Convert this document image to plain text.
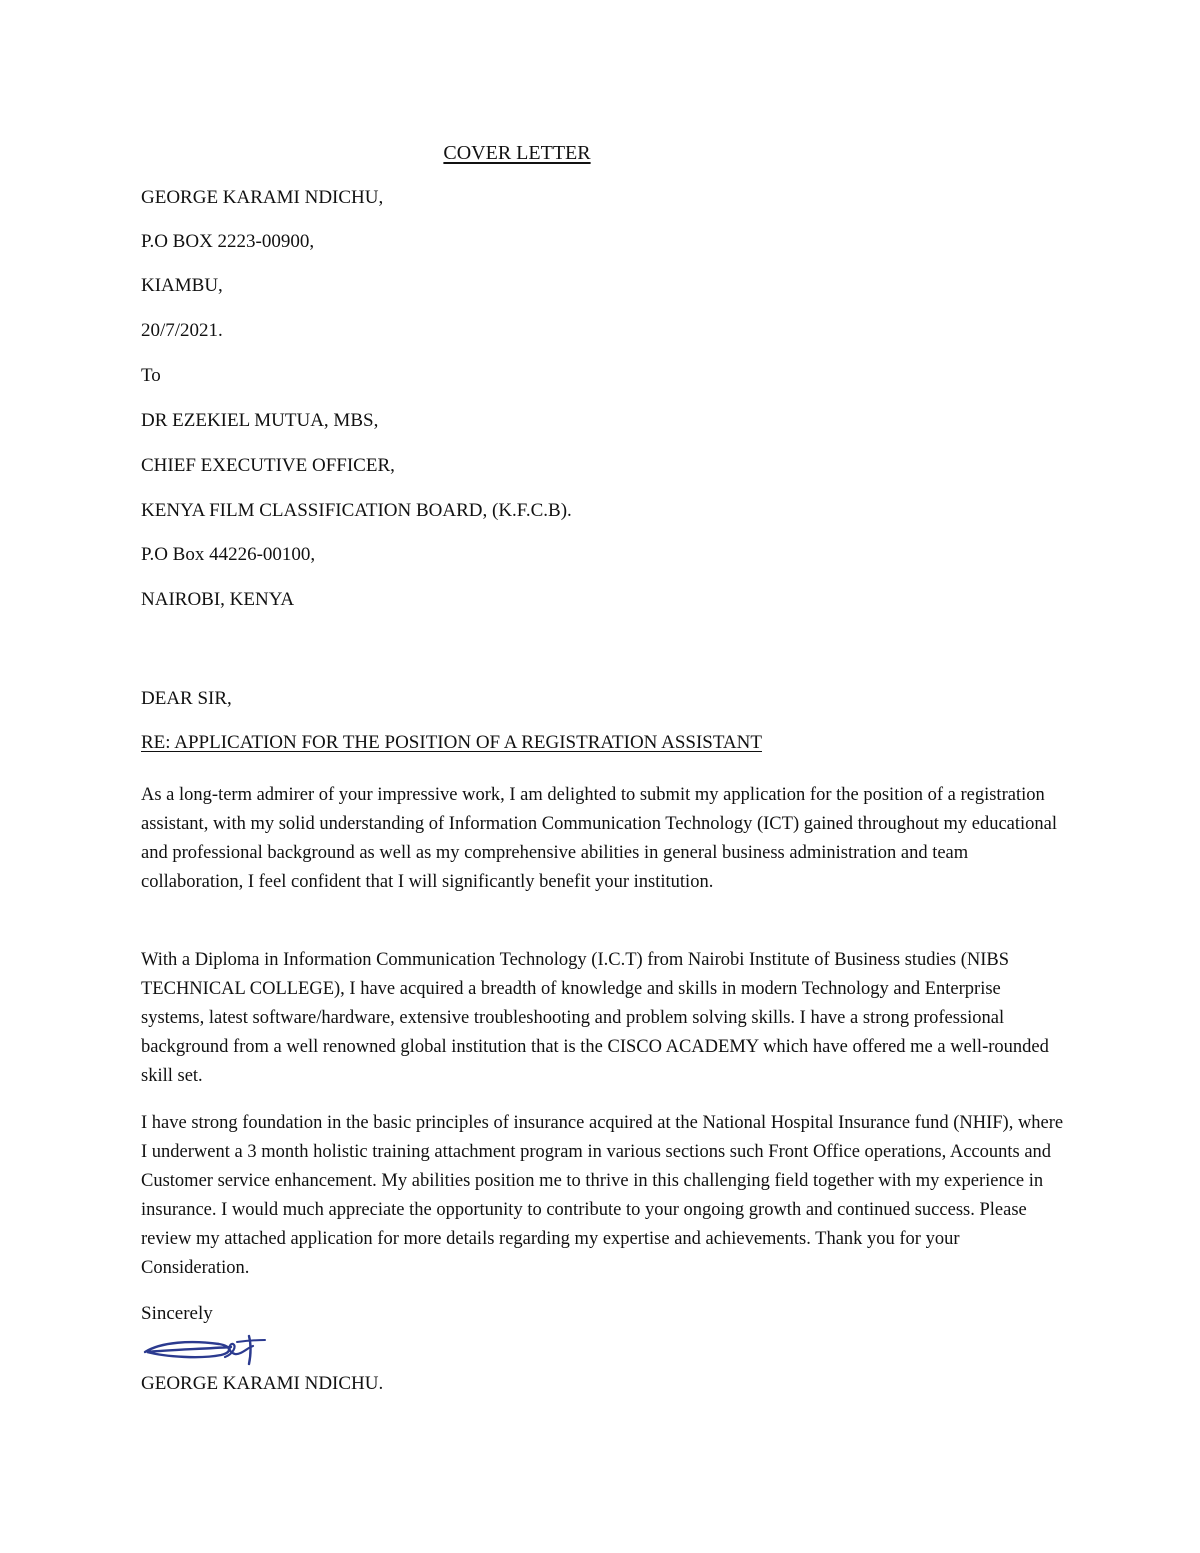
COVER LETTER
GEORGE KARAMI NDICHU,
P.O BOX 2223-00900,
KIAMBU,
20/7/2021.
To
DR EZEKIEL MUTUA, MBS,
CHIEF EXECUTIVE OFFICER,
KENYA FILM CLASSIFICATION BOARD, (K.F.C.B).
P.O Box 44226-00100,
NAIROBI, KENYA
DEAR SIR,
RE: APPLICATION FOR THE POSITION OF A REGISTRATION ASSISTANT

As a long-term admirer of your impressive work, I am delighted to submit my application for the position of a registration assistant, with my solid understanding of Information Communication Technology (ICT) gained throughout my educational and professional background as well as my comprehensive abilities in general business administration and team collaboration, I feel confident that I will significantly benefit your institution.

With a Diploma in Information Communication Technology (I.C.T) from Nairobi Institute of Business studies (NIBS TECHNICAL COLLEGE), I have acquired a breadth of knowledge and skills in modern Technology and Enterprise systems, latest software/hardware, extensive troubleshooting and problem solving skills. I have a strong professional background from a well renowned global institution that is the CISCO ACADEMY which have offered me a well-rounded skill set.

I have strong foundation in the basic principles of insurance acquired at the National Hospital Insurance fund (NHIF), where I underwent a 3 month holistic training attachment program in various sections such Front Office operations, Accounts and Customer service enhancement. My abilities position me to thrive in this challenging field together with my experience in insurance. I would much appreciate the opportunity to contribute to your ongoing growth and continued success. Please review my attached application for more details regarding my expertise and achievements. Thank you for your Consideration.

Sincerely
GEORGE KARAMI NDICHU.
